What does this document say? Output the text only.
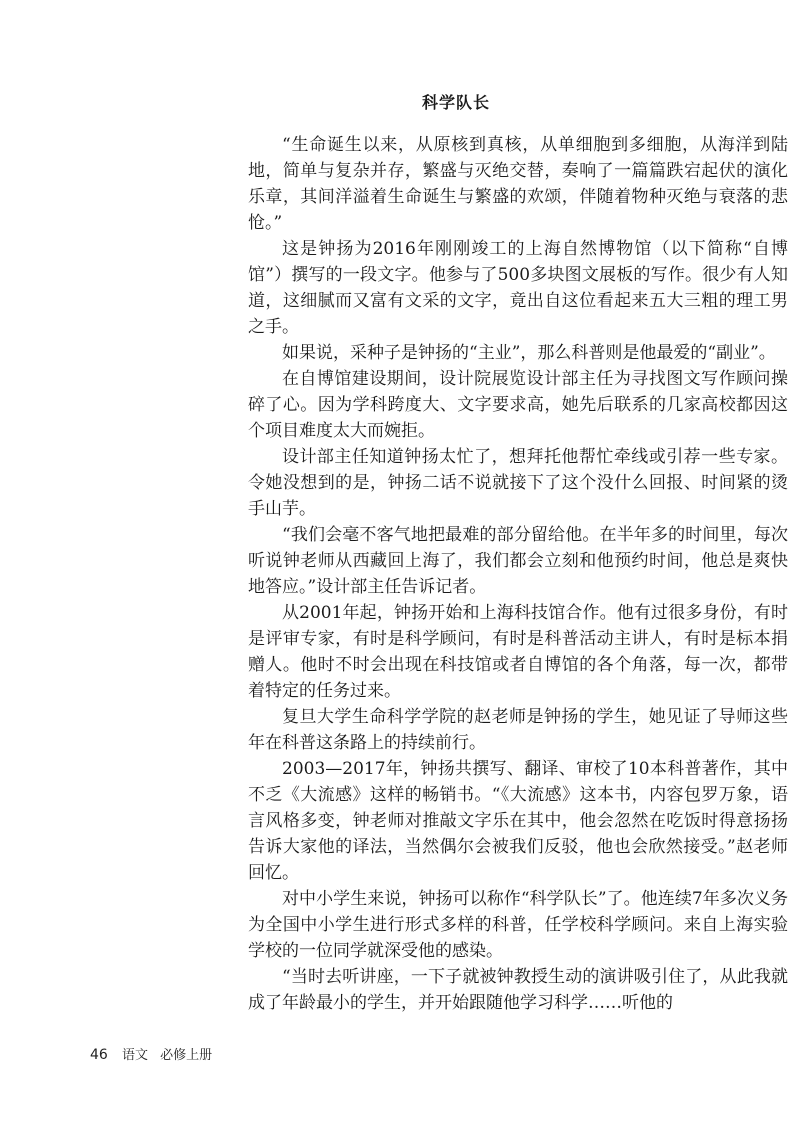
科学队长

“生命诞生以来，从原核到真核，从单细胞到多细胞，从海洋到陆地，简单与复杂并存，繁盛与灭绝交替，奏响了一篇篇跌宕起伏的演化乐章，其间洋溢着生命诞生与繁盛的欢颂，伴随着物种灭绝与衰落的悲怆。”

这是钟扬为2016年刚刚竣工的上海自然博物馆（以下简称“自博馆”）撰写的一段文字。他参与了500多块图文展板的写作。很少有人知道，这细腻而又富有文采的文字，竟出自这位看起来五大三粗的理工男之手。

如果说，采种子是钟扬的“主业”，那么科普则是他最爱的“副业”。

在自博馆建设期间，设计院展览设计部主任为寻找图文写作顾问操碎了心。因为学科跨度大、文字要求高，她先后联系的几家高校都因这个项目难度太大而婉拒。

设计部主任知道钟扬太忙了，想拜托他帮忙牵线或引荐一些专家。令她没想到的是，钟扬二话不说就接下了这个没什么回报、时间紧的烫手山芋。

“我们会毫不客气地把最难的部分留给他。在半年多的时间里，每次听说钟老师从西藏回上海了，我们都会立刻和他预约时间，他总是爽快地答应。”设计部主任告诉记者。

从2001年起，钟扬开始和上海科技馆合作。他有过很多身份，有时是评审专家，有时是科学顾问，有时是科普活动主讲人，有时是标本捐赠人。他时不时会出现在科技馆或者自博馆的各个角落，每一次，都带着特定的任务过来。

复旦大学生命科学学院的赵老师是钟扬的学生，她见证了导师这些年在科普这条路上的持续前行。

2003—2017年，钟扬共撰写、翻译、审校了10本科普著作，其中不乏《大流感》这样的畅销书。“《大流感》这本书，内容包罗万象，语言风格多变，钟老师对推敲文字乐在其中，他会忽然在吃饭时得意扬扬告诉大家他的译法，当然偶尔会被我们反驳，他也会欣然接受。”赵老师回忆。

对中小学生来说，钟扬可以称作“科学队长”了。他连续7年多次义务为全国中小学生进行形式多样的科普，任学校科学顾问。来自上海实验学校的一位同学就深受他的感染。

“当时去听讲座，一下子就被钟教授生动的演讲吸引住了，从此我就成了年龄最小的学生，并开始跟随他学习科学……听他的

46 语文 必修上册
